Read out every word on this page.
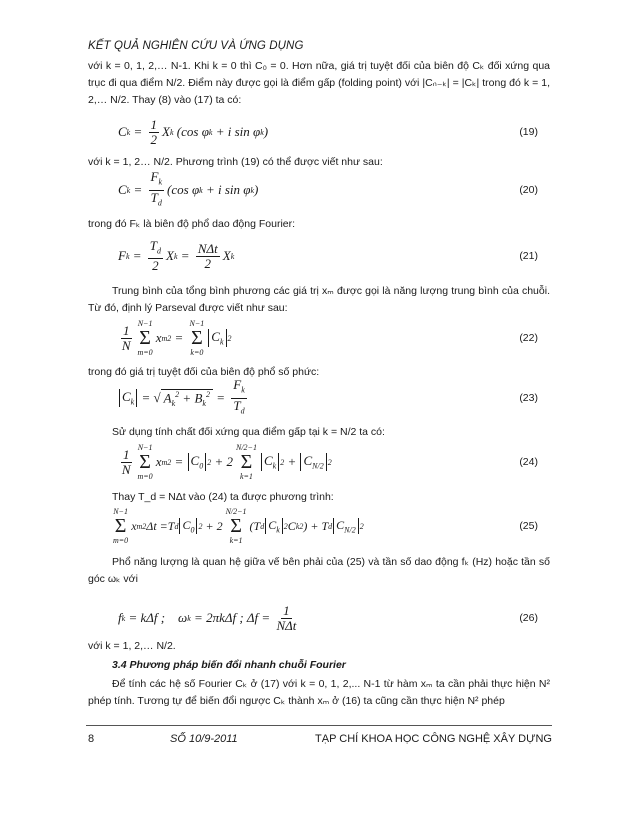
KẾT QUẢ NGHIÊN CỨU VÀ ỨNG DỤNG
với k = 0, 1, 2,… N-1. Khi k = 0 thì C₀ = 0. Hơn nữa, giá trị tuyệt đối của biên độ Cₖ đối xứng qua trục đi qua điểm N/2. Điểm này được gọi là điểm gấp (folding point) với |Cₙ₋ₖ| = |Cₖ| trong đó k = 1, 2,… N/2. Thay (8) vào (17) ta có:
C $k = \frac{1}{2}$ X k (cos φ k + i sin φ k )	(19)
với k = 1, 2… N/2. Phương trình (19) có thể được viết như sau:
C $k = \frac{F_k}{T_d} (\cos$ φ k + i sin φ k )	(20)
trong đó Fₖ là biên độ phổ dao động Fourier:
F $k = \frac{T_d}{2}$ X $k = \frac{\text{NΔt}}{2}$ X k	(21)
Trung bình của tổng bình phương các giá trị xₘ được gọi là năng lượng trung bình của chuỗi. Từ đó, định lý Parseval được viết như sau:
$\frac{1}{N} N-1$
Σ
m=0
x m 2 =
N−1
Σ
k=0
$C_k$ 2	(22)
trong đó giá trị tuyệt đối của biên độ phổ số phức:
$C_k$ = √ $A_k^2 + B_k^2 = \frac{F_k}{T_d}$	(23)
Sử dụng tính chất đối xứng qua điểm gấp tại k = N/2 ta có:
$\frac{1}{N} N-1$
Σ
m=0
x m $2 = C_0$ 2 + 2
N/2−1
Σ
k=1
$C_k$ $2 + C_{N/2}$ 2	(24)
Thay T_d = NΔt vào (24) ta được phương trình:
N−1
Σ
m=0
x m 2 Δt =T d $C_0$ 2 + 2
N/2−1
Σ
k=1
(T d $C_k$ 2 C k 2 ) + T d $C_{N/2}$ 2	(25)
Phổ năng lượng là quan hệ giữa vế bên phải của (25) và tần số dao động fₖ (Hz) hoặc tần số góc ωₖ với
f k = kΔf ;    ω k = 2πkΔf ; $\Delta f = \frac{1}{\text{NΔt}}$	(26)
với k = 1, 2,… N/2.
3.4 Phương pháp biến đổi nhanh chuỗi Fourier
Để tính các hệ số Fourier Cₖ ở (17) với k = 0, 1, 2,... N-1 từ hàm xₘ ta cần phải thực hiện N² phép tính. Tương tự để biến đổi ngược Cₖ thành xₘ ở (16) ta cũng cần thực hiện N² phép
8	SỐ 10/9-2011	TẠP CHÍ KHOA HỌC CÔNG NGHỆ XÂY DỰNG
